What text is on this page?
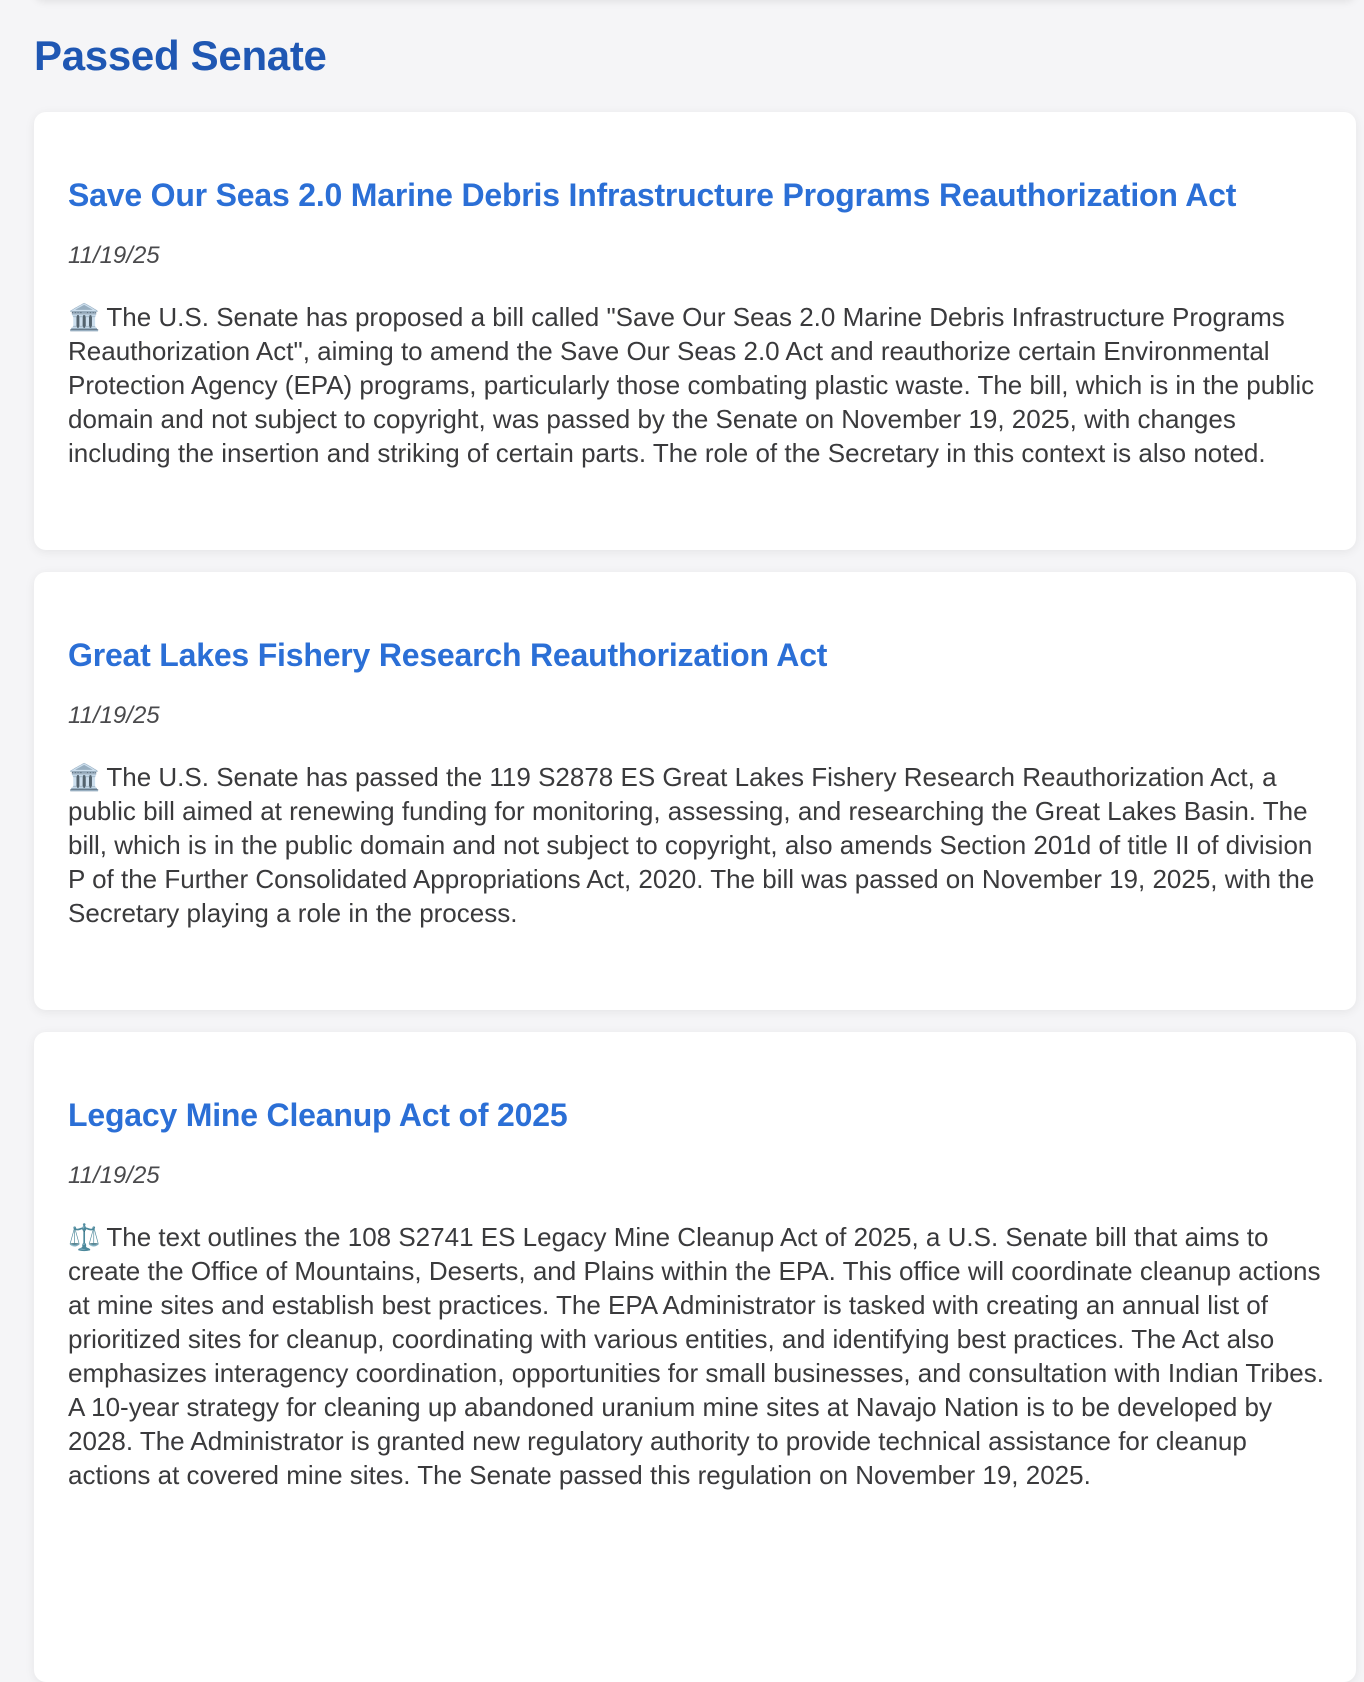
Passed Senate
Save Our Seas 2.0 Marine Debris Infrastructure Programs Reauthorization Act
11/19/25

🏛️ The U.S. Senate has proposed a bill called "Save Our Seas 2.0 Marine Debris Infrastructure Programs Reauthorization Act", aiming to amend the Save Our Seas 2.0 Act and reauthorize certain Environmental Protection Agency (EPA) programs, particularly those combating plastic waste. The bill, which is in the public domain and not subject to copyright, was passed by the Senate on November 19, 2025, with changes including the insertion and striking of certain parts. The role of the Secretary in this context is also noted.

Great Lakes Fishery Research Reauthorization Act
11/19/25

🏛️ The U.S. Senate has passed the 119 S2878 ES Great Lakes Fishery Research Reauthorization Act, a public bill aimed at renewing funding for monitoring, assessing, and researching the Great Lakes Basin. The bill, which is in the public domain and not subject to copyright, also amends Section 201d of title II of division P of the Further Consolidated Appropriations Act, 2020. The bill was passed on November 19, 2025, with the Secretary playing a role in the process.

Legacy Mine Cleanup Act of 2025
11/19/25

⚖️ The text outlines the 108 S2741 ES Legacy Mine Cleanup Act of 2025, a U.S. Senate bill that aims to create the Office of Mountains, Deserts, and Plains within the EPA. This office will coordinate cleanup actions at mine sites and establish best practices. The EPA Administrator is tasked with creating an annual list of prioritized sites for cleanup, coordinating with various entities, and identifying best practices. The Act also emphasizes interagency coordination, opportunities for small businesses, and consultation with Indian Tribes. A 10-year strategy for cleaning up abandoned uranium mine sites at Navajo Nation is to be developed by 2028. The Administrator is granted new regulatory authority to provide technical assistance for cleanup actions at covered mine sites. The Senate passed this regulation on November 19, 2025.
